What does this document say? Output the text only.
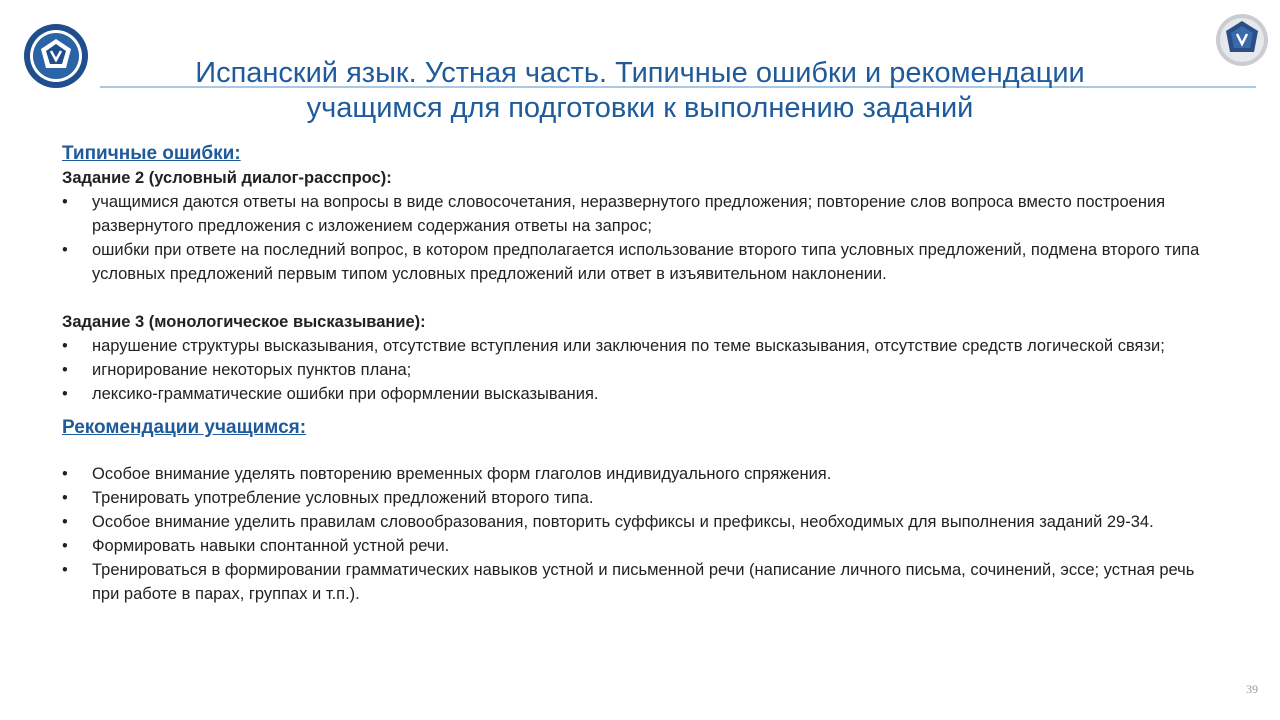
Испанский язык. Устная часть. Типичные ошибки и рекомендации
учащимся для подготовки к выполнению заданий
Типичные ошибки:
Задание 2 (условный диалог-расспрос):
• учащимися даются ответы на вопросы в виде словосочетания, неразвернутого предложения; повторение слов вопроса вместо построения развернутого предложения с изложением содержания ответы на запрос;
• ошибки при ответе на последний вопрос, в котором предполагается использование второго типа условных предложений, подмена второго типа условных предложений первым типом условных предложений или ответ в изъявительном наклонении.
Задание 3 (монологическое высказывание):
• нарушение структуры высказывания, отсутствие вступления или заключения по теме высказывания, отсутствие средств логической связи;
• игнорирование некоторых пунктов плана;
• лексико-грамматические ошибки при оформлении высказывания.
Рекомендации учащимся:
• Особое внимание уделять повторению временных форм глаголов индивидуального спряжения.
• Тренировать употребление условных предложений второго типа.
• Особое внимание уделить правилам словообразования, повторить суффиксы и префиксы, необходимых для выполнения заданий 29-34.
• Формировать навыки спонтанной устной речи.
• Тренироваться в формировании грамматических навыков устной и письменной речи (написание личного письма, сочинений, эссе; устная речь при работе в парах, группах и т.п.).
39
